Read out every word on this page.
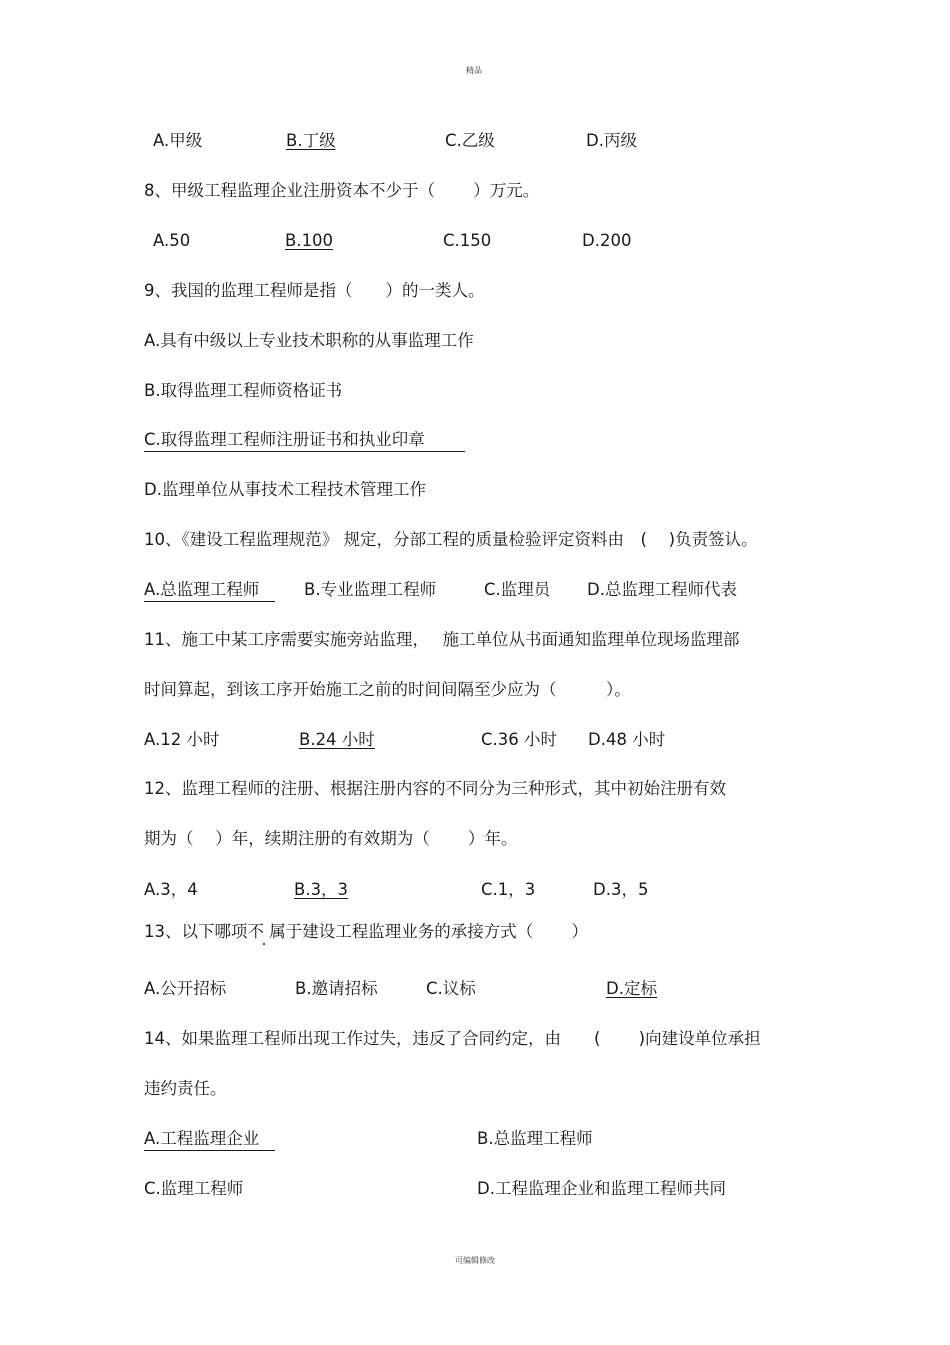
精品
A.甲级	B.丁级	C.乙级	D.丙级
8、甲级工程监理企业注册资本不少于（　　 ）万元。
A.50	B.100	C.150	D.200
9、我国的监理工程师是指（　　）的一类人。
A.具有中级以上专业技术职称的从事监理工作
B.取得监理工程师资格证书
C.取得监理工程师注册证书和执业印章
D.监理单位从事技术工程技术管理工作
10、《建设工程监理规范》 规定，分部工程的质量检验评定资料由　(　 )负责签认。
A.总监理工程师	B.专业监理工程师	C.监理员 D.总监理工程师代表
11、施工中某工序需要实施旁站监理，　 施工单位从书面通知监理单位现场监理部
时间算起，到该工序开始施工之前的时间间隔至少应为（　　　）。
A.12 小时	B.24 小时	C.36 小时 D.48 小时
12、监理工程师的注册、根据注册内容的不同分为三种形式，其中初始注册有效
期为（　 ）年，续期注册的有效期为（　　 ）年。
A.3，4	B.3，3	C.1，3	D.3，5
13、以下哪项不 属于建设工程监理业务的承接方式（　　 ）
A.公开招标	B.邀请招标	C.议标	D.定标
14、如果监理工程师出现工作过失，违反了合同约定，由　　(　　 )向建设单位承担
违约责任。
A.工程监理企业	B.总监理工程师
C.监理工程师	D.工程监理企业和监理工程师共同
可编辑修改
